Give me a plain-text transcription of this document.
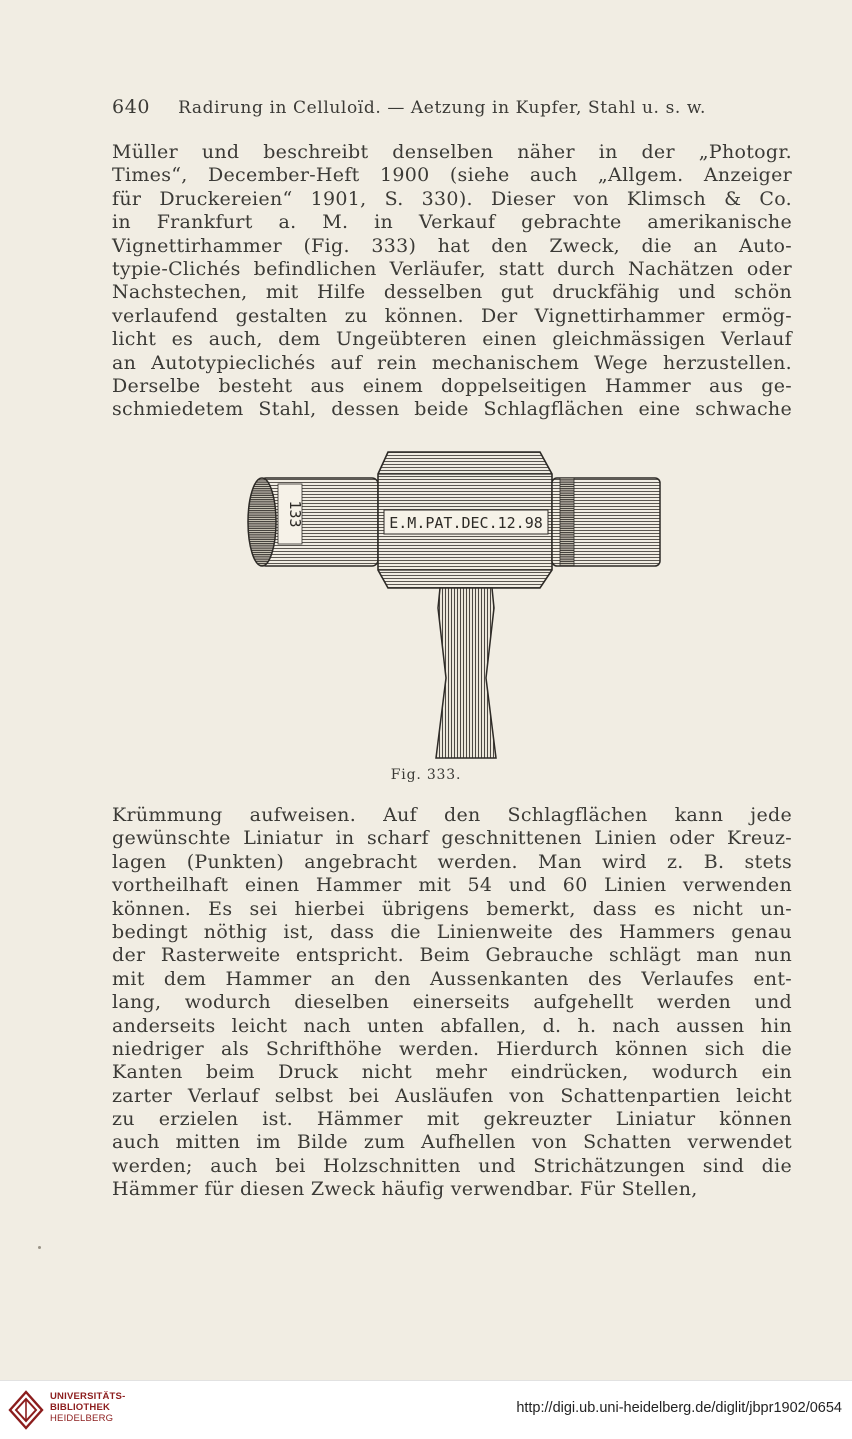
640 Radirung in Celluloïd. — Aetzung in Kupfer, Stahl u. s. w.
Müller und beschreibt denselben näher in der „Photogr.
Times“, December-Heft 1900 (siehe auch „Allgem. Anzeiger
für Druckereien“ 1901, S. 330). Dieser von Klimsch & Co.
in Frankfurt a. M. in Verkauf gebrachte amerikanische
Vignettirhammer (Fig. 333) hat den Zweck, die an Auto-
typie-Clichés befindlichen Verläufer, statt durch Nachätzen oder
Nachstechen, mit Hilfe desselben gut druckfähig und schön
verlaufend gestalten zu können. Der Vignettirhammer ermög-
licht es auch, dem Ungeübteren einen gleichmässigen Verlauf
an Autotypieclichés auf rein mechanischem Wege herzustellen.
Derselbe besteht aus einem doppelseitigen Hammer aus ge-
schmiedetem Stahl, dessen beide Schlagflächen eine schwache
133	E.M.PAT.DEC.12.98
Fig. 333.
Krümmung aufweisen. Auf den Schlagflächen kann jede
gewünschte Liniatur in scharf geschnittenen Linien oder Kreuz-
lagen (Punkten) angebracht werden. Man wird z. B. stets
vortheilhaft einen Hammer mit 54 und 60 Linien verwenden
können. Es sei hierbei übrigens bemerkt, dass es nicht un-
bedingt nöthig ist, dass die Linienweite des Hammers genau
der Rasterweite entspricht. Beim Gebrauche schlägt man nun
mit dem Hammer an den Aussenkanten des Verlaufes ent-
lang, wodurch dieselben einerseits aufgehellt werden und
anderseits leicht nach unten abfallen, d. h. nach aussen hin
niedriger als Schrifthöhe werden. Hierdurch können sich die
Kanten beim Druck nicht mehr eindrücken, wodurch ein
zarter Verlauf selbst bei Ausläufen von Schattenpartien leicht
zu erzielen ist. Hämmer mit gekreuzter Liniatur können
auch mitten im Bilde zum Aufhellen von Schatten verwendet
werden; auch bei Holzschnitten und Strichätzungen sind die
Hämmer für diesen Zweck häufig verwendbar. Für Stellen,
UNIVERSITÄTS-
BIBLIOTHEK
HEIDELBERG
http://digi.ub.uni-heidelberg.de/diglit/jbpr1902/0654
